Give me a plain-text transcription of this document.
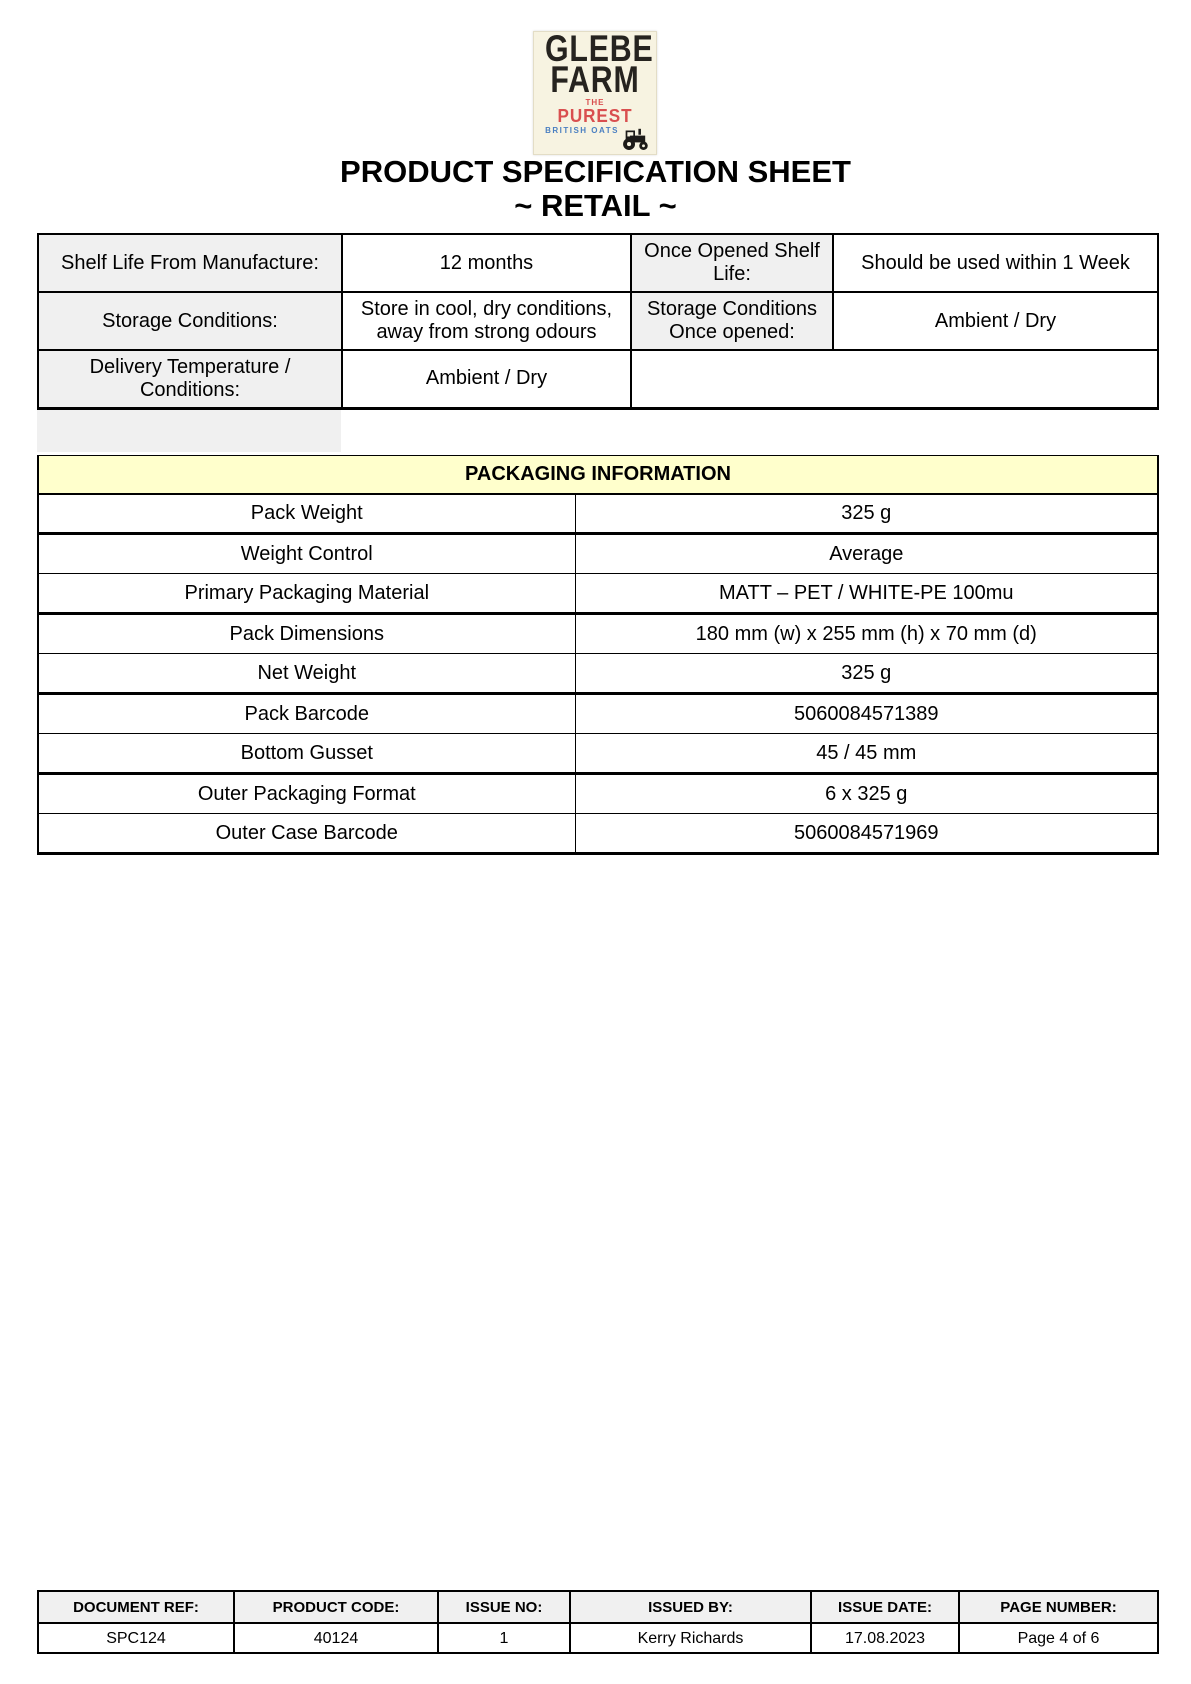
GLEBE
FARM
THE
PUREST
BRITISH OATS
PRODUCT SPECIFICATION SHEET
~ RETAIL ~
Shelf Life From Manufacture:	12 months	Once Opened Shelf Life:	Should be used within 1 Week
Storage Conditions:	Store in cool, dry conditions, away from strong odours	Storage Conditions Once opened:	Ambient / Dry
Delivery Temperature / Conditions:	Ambient / Dry		
PACKAGING INFORMATION	
Pack Weight	325 g
Weight Control	Average
Primary Packaging Material	MATT – PET / WHITE-PE 100mu
Pack Dimensions	180 mm (w) x 255 mm (h) x 70 mm (d)
Net Weight	325 g
Pack Barcode	5060084571389
Bottom Gusset	45 / 45 mm
Outer Packaging Format	6 x 325 g
Outer Case Barcode	5060084571969
DOCUMENT REF:	PRODUCT CODE:	ISSUE NO:	ISSUED BY:	ISSUE DATE:	PAGE NUMBER:
SPC124	40124	1	Kerry Richards	17.08.2023	Page 4 of 6
